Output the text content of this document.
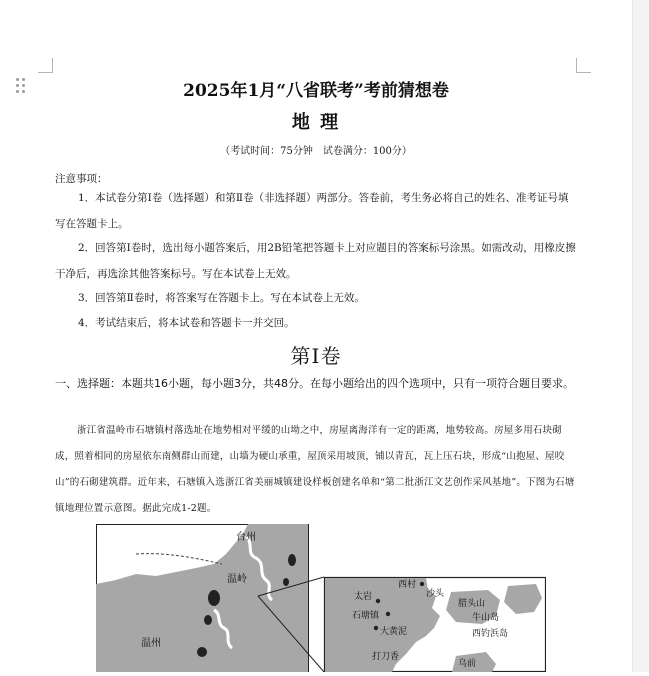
2025年1月“八省联考”考前猜想卷
地 理
（考试时间：75分钟　试卷满分：100分）
注意事项：
1．本试卷分第Ⅰ卷（选择题）和第Ⅱ卷（非选择题）两部分。答卷前，考生务必将自己的姓名、准考证号填写在答题卡上。
2．回答第Ⅰ卷时，选出每小题答案后，用2B铅笔把答题卡上对应题目的答案标号涂黑。如需改动，用橡皮擦干净后，再选涂其他答案标号。写在本试卷上无效。
3．回答第Ⅱ卷时，将答案写在答题卡上。写在本试卷上无效。
4．考试结束后，将本试卷和答题卡一并交回。
第Ⅰ卷
一、选择题：本题共16小题，每小题3分，共48分。在每小题给出的四个选项中，只有一项符合题目要求。
浙江省温岭市石塘镇村落选址在地势相对平缓的山坳之中，房屋离海洋有一定的距离，地势较高。房屋多用石块砌成，照着相同的房屋依东南侧群山而建，山墙为硬山承重，屋顶采用坡顶，铺以青瓦，瓦上压石块，形成“山抱屋、屋咬山”的石砌建筑群。近年来，石塘镇入选浙江省美丽城镇建设样板创建名单和“第二批浙江文艺创作采风基地”。下图为石塘镇地理位置示意图。据此完成1-2题。
台州
温岭
温州
西村
沙头
太岩
石塘镇
大黄泥
腊头山
牛山岛
西钓浜岛
打刀香
乌前
